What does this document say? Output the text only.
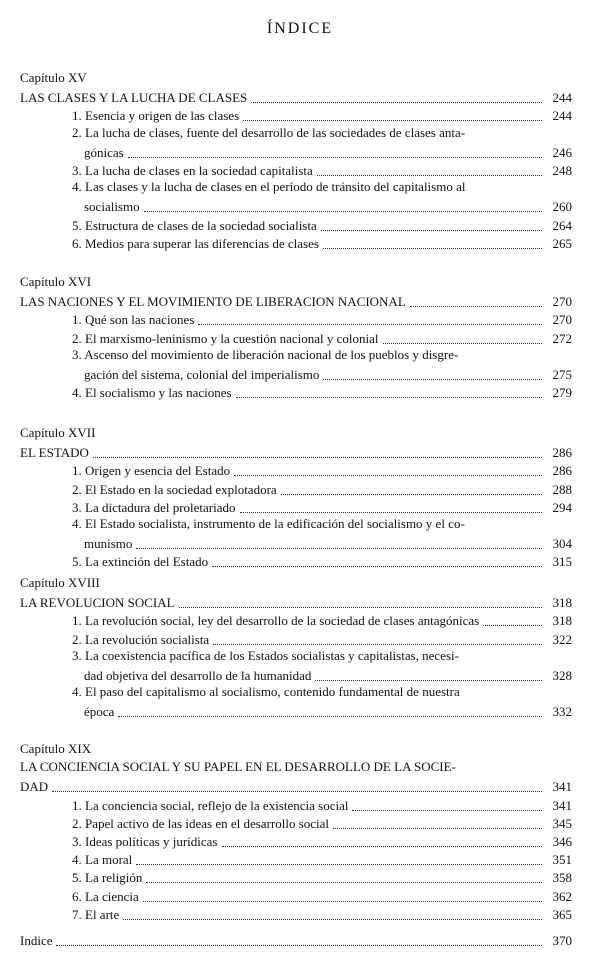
ÍNDICE
Capítulo XV
LAS CLASES Y LA LUCHA DE CLASES	244
1. Esencia y origen de las clases	244
2. La lucha de clases, fuente del desarrollo de las sociedades de clases anta-
gónicas	246
3. La lucha de clases en la sociedad capitalista	248
4. Las clases y la lucha de clases en el período de tránsito del capitalismo al
socialismo	260
5. Estructura de clases de la sociedad socialista	264
6. Medios para superar las diferencias de clases	265
Capítulo XVI
LAS NACIONES Y EL MOVIMIENTO DE LIBERACION NACIONAL	270
1. Qué son las naciones	270
2. El marxismo-leninismo y la cuestión nacional y colonial	272
3. Ascenso del movimiento de liberación nacional de los pueblos y disgre-
gación del sistema, colonial del imperialismo	275
4. El socialismo y las naciones	279
Capítulo XVII
EL ESTADO	286
1. Origen y esencia del Estado	286
2. El Estado en la sociedad explotadora	288
3. La dictadura del proletariado	294
4. El Estado socialista, instrumento de la edificación del socialismo y el co-
munismo	304
5. La extinción del Estado	315
Capítulo XVIII
LA REVOLUCION SOCIAL	318
1. La revolución social, ley del desarrollo de la sociedad de clases antagónicas	318
2. La revolución socialista	322
3. La coexistencia pacífica de los Estados socialistas y capitalistas, necesi-
dad objetiva del desarrollo de la humanidad	328
4. El paso del capitalismo al socialismo, contenido fundamental de nuestra
época	332
Capítulo XIX
LA CONCIENCIA SOCIAL Y SU PAPEL EN EL DESARROLLO DE LA SOCIE-
DAD	341
1. La conciencia social, reflejo de la existencia social	341
2. Papel activo de las ideas en el desarrollo social	345
3. Ideas políticas y jurídicas	346
4. La moral	351
5. La religión	358
6. La ciencia	362
7. El arte	365
Indice	370
